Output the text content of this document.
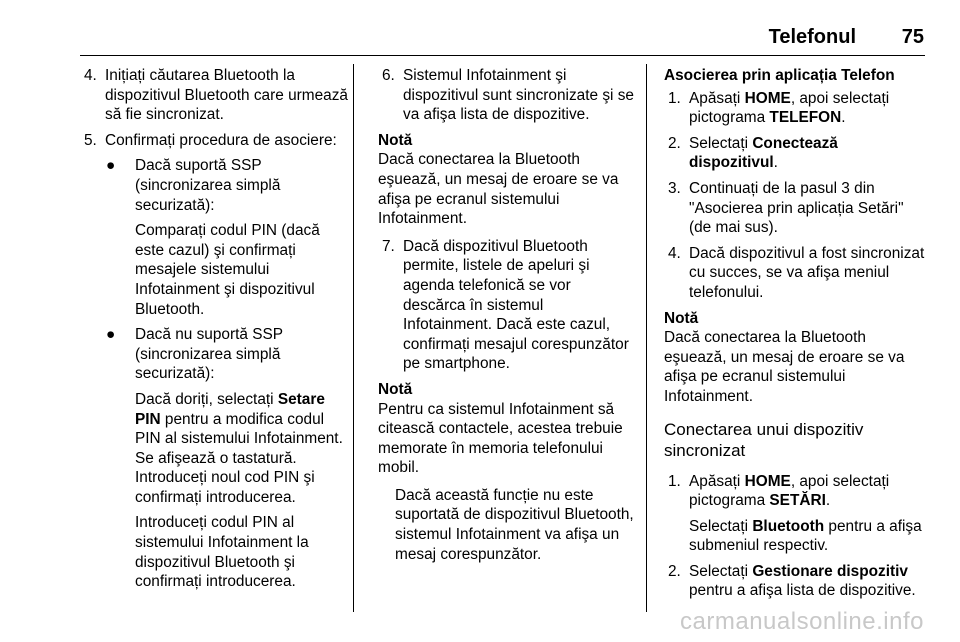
Telefonul 75
4. Inițiați căutarea Bluetooth la dispozitivul Bluetooth care urmează să fie sincronizat.
5. Confirmați procedura de asociere:
● Dacă suportă SSP (sincronizarea simplă securizată):

Comparați codul PIN (dacă este cazul) şi confirmați mesajele sistemului Infotainment şi dispozitivul Bluetooth.

● Dacă nu suportă SSP (sincronizarea simplă securizată):

Dacă doriți, selectați Setare PIN pentru a modifica codul PIN al sistemului Infotainment. Se afişează o tastatură. Introduceți noul cod PIN şi confirmați introducerea.

Introduceți codul PIN al sistemului Infotainment la dispozitivul Bluetooth şi confirmați introducerea.

6. Sistemul Infotainment şi dispozitivul sunt sincronizate şi se va afişa lista de dispozitive.

Notă

Dacă conectarea la Bluetooth eşuează, un mesaj de eroare se va afişa pe ecranul sistemului Infotainment.

7. Dacă dispozitivul Bluetooth permite, listele de apeluri şi agenda telefonică se vor descărca în sistemul Infotainment. Dacă este cazul, confirmați mesajul corespunzător pe smartphone.

Notă

Pentru ca sistemul Infotainment să citească contactele, acestea trebuie memorate în memoria telefonului mobil.

Dacă această funcție nu este suportată de dispozitivul Bluetooth, sistemul Infotainment va afişa un mesaj corespunzător.

Asocierea prin aplicația Telefon

1. Apăsați HOME, apoi selectați pictograma TELEFON.
2. Selectați Conectează dispozitivul.
3. Continuați de la pasul 3 din "Asocierea prin aplicația Setări" (de mai sus).
4. Dacă dispozitivul a fost sincronizat cu succes, se va afişa meniul telefonului.

Notă

Dacă conectarea la Bluetooth eşuează, un mesaj de eroare se va afişa pe ecranul sistemului Infotainment.

Conectarea unui dispozitiv sincronizat

1. Apăsați HOME, apoi selectați pictograma SETĂRI.

Selectați Bluetooth pentru a afişa submeniul respectiv.

2. Selectați Gestionare dispozitiv pentru a afişa lista de dispozitive.
carmanualsonline.info
